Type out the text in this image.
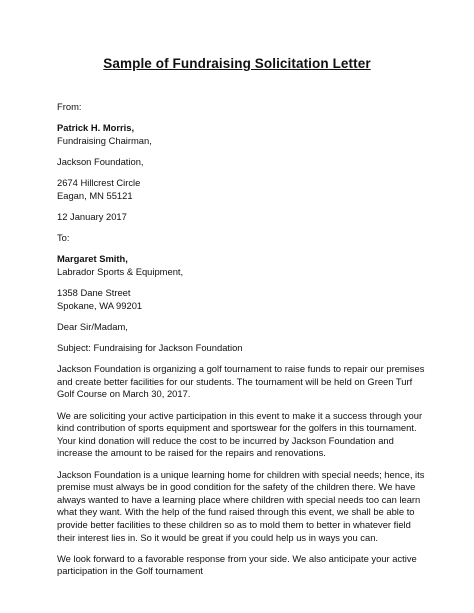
Sample of Fundraising Solicitation Letter

From:

Patrick H. Morris,
Fundraising Chairman,

Jackson Foundation,

2674 Hillcrest Circle
Eagan, MN 55121

12 January 2017

To:

Margaret Smith,
Labrador Sports & Equipment,

1358 Dane Street
Spokane, WA 99201

Dear Sir/Madam,

Subject: Fundraising for Jackson Foundation

Jackson Foundation is organizing a golf tournament to raise funds to repair our premises and create better facilities for our students. The tournament will be held on Green Turf Golf Course on March 30, 2017.

We are soliciting your active participation in this event to make it a success through your kind contribution of sports equipment and sportswear for the golfers in this tournament. Your kind donation will reduce the cost to be incurred by Jackson Foundation and increase the amount to be raised for the repairs and renovations.

Jackson Foundation is a unique learning home for children with special needs; hence, its premise must always be in good condition for the safety of the children there. We have always wanted to have a learning place where children with special needs too can learn what they want. With the help of the fund raised through this event, we shall be able to provide better facilities to these children so as to mold them to better in whatever field their interest lies in. So it would be great if you could help us in ways you can.

We look forward to a favorable response from your side. We also anticipate your active participation in the Golf tournament
